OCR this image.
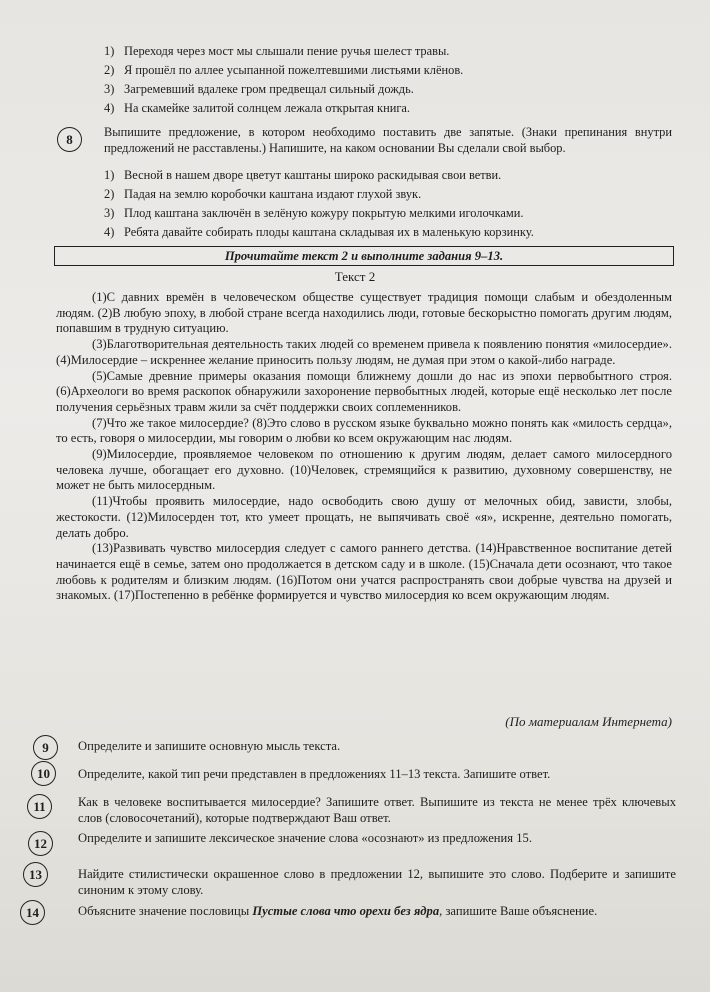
1) Переходя через мост мы слышали пение ручья шелест травы.
2) Я прошёл по аллее усыпанной пожелтевшими листьями клёнов.
3) Загремевший вдалеке гром предвещал сильный дождь.
4) На скамейке залитой солнцем лежала открытая книга.
8	Выпишите предложение, в котором необходимо поставить две запятые. (Знаки препинания внутри предложений не расставлены.) Напишите, на каком основании Вы сделали свой выбор.
1) Весной в нашем дворе цветут каштаны широко раскидывая свои ветви.
2) Падая на землю коробочки каштана издают глухой звук.
3) Плод каштана заключён в зелёную кожуру покрытую мелкими иголочками.
4) Ребята давайте собирать плоды каштана складывая их в маленькую корзинку.
Прочитайте текст 2 и выполните задания 9–13.
Текст 2

(1)С давних времён в человеческом обществе существует традиция помощи слабым и обездоленным людям. (2)В любую эпоху, в любой стране всегда находились люди, готовые бескорыстно помогать другим людям, попавшим в трудную ситуацию.

(3)Благотворительная деятельность таких людей со временем привела к появлению понятия «милосердие». (4)Милосердие – искреннее желание приносить пользу людям, не думая при этом о какой-либо награде.

(5)Самые древние примеры оказания помощи ближнему дошли до нас из эпохи первобытного строя. (6)Археологи во время раскопок обнаружили захоронение первобытных людей, которые ещё несколько лет после получения серьёзных травм жили за счёт поддержки своих соплеменников.

(7)Что же такое милосердие? (8)Это слово в русском языке буквально можно понять как «милость сердца», то есть, говоря о милосердии, мы говорим о любви ко всем окружающим нас людям.

(9)Милосердие, проявляемое человеком по отношению к другим людям, делает самого милосердного человека лучше, обогащает его духовно. (10)Человек, стремящийся к развитию, духовному совершенству, не может не быть милосердным.

(11)Чтобы проявить милосердие, надо освободить свою душу от мелочных обид, зависти, злобы, жестокости. (12)Милосерден тот, кто умеет прощать, не выпячивать своё «я», искренне, деятельно помогать, делать добро.

(13)Развивать чувство милосердия следует с самого раннего детства. (14)Нравственное воспитание детей начинается ещё в семье, затем оно продолжается в детском саду и в школе. (15)Сначала дети осознают, что такое любовь к родителям и близким людям. (16)Потом они учатся распространять свои добрые чувства на друзей и знакомых. (17)Постепенно в ребёнке формируется и чувство милосердия ко всем окружающим людям.

(По материалам Интернета)
9	Определите и запишите основную мысль текста.
10	Определите, какой тип речи представлен в предложениях 11–13 текста. Запишите ответ.
11	Как в человеке воспитывается милосердие? Запишите ответ. Выпишите из текста не менее трёх ключевых слов (словосочетаний), которые подтверждают Ваш ответ.
12	Определите и запишите лексическое значение слова «осознают» из предложения 15.
13	Найдите стилистически окрашенное слово в предложении 12, выпишите это слово. Подберите и запишите синоним к этому слову.
14	Объясните значение пословицы Пустые слова что орехи без ядра, запишите Ваше объяснение.
